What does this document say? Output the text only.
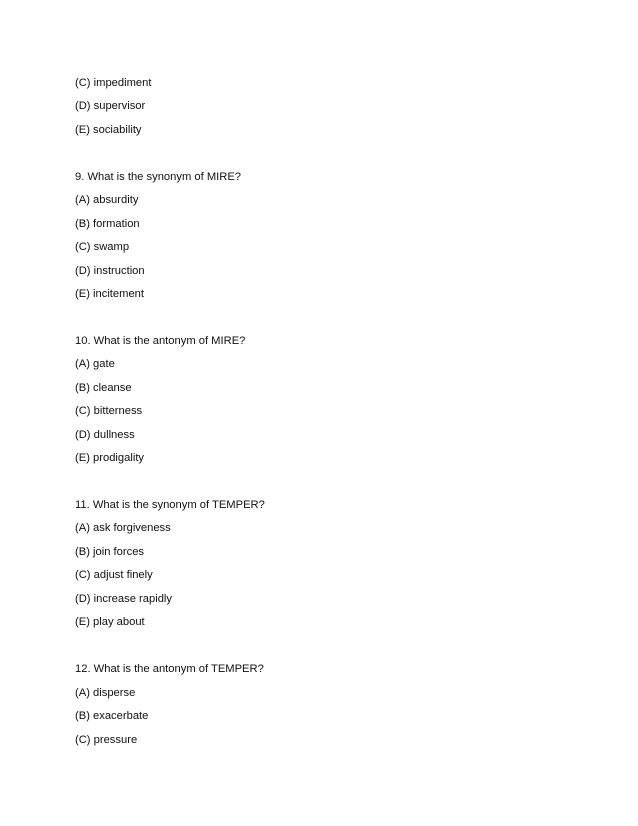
(C) impediment
(D) supervisor
(E) sociability
9. What is the synonym of MIRE?
(A) absurdity
(B) formation
(C) swamp
(D) instruction
(E) incitement
10. What is the antonym of MIRE?
(A) gate
(B) cleanse
(C) bitterness
(D) dullness
(E) prodigality
11. What is the synonym of TEMPER?
(A) ask forgiveness
(B) join forces
(C) adjust finely
(D) increase rapidly
(E) play about
12. What is the antonym of TEMPER?
(A) disperse
(B) exacerbate
(C) pressure
